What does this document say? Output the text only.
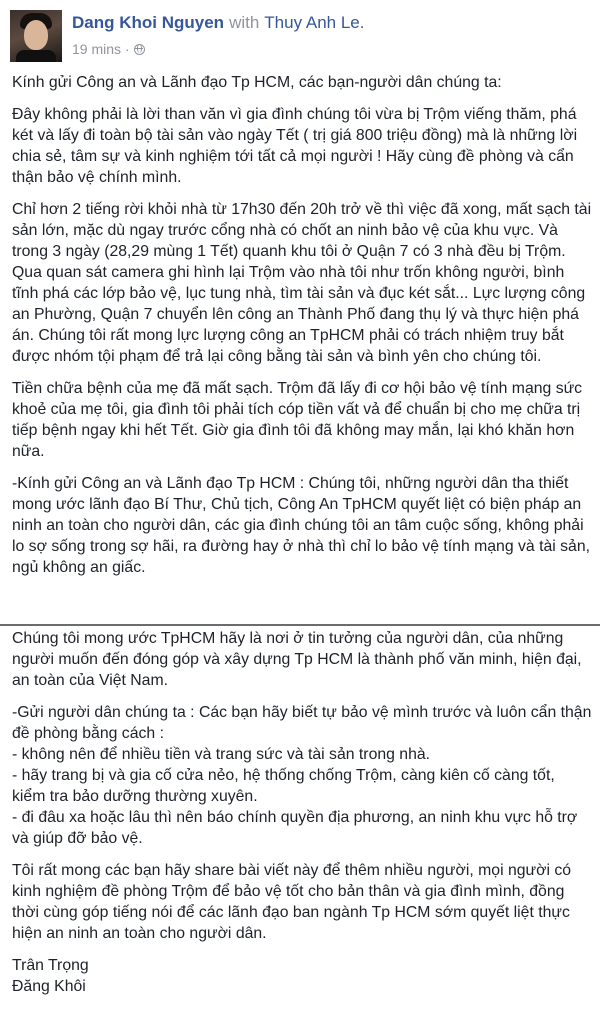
Dang Khoi Nguyen with Thuy Anh Le.
19 mins ·

Kính gửi Công an và Lãnh đạo Tp HCM, các bạn-người dân chúng ta:

Đây không phải là lời than văn vì gia đình chúng tôi vừa bị Trộm viếng thăm, phá két và lấy đi toàn bộ tài sản vào ngày Tết ( trị giá 800 triệu đồng) mà là những lời chia sẻ, tâm sự và kinh nghiệm tới tất cả mọi người ! Hãy cùng đề phòng và cẩn thận bảo vệ chính mình.

Chỉ hơn 2 tiếng rời khỏi nhà từ 17h30 đến 20h trở về thì việc đã xong, mất sạch tài sản lớn, mặc dù ngay trước cổng nhà có chốt an ninh bảo vệ của khu vực. Và trong 3 ngày (28,29 mùng 1 Tết) quanh khu tôi ở Quận 7 có 3 nhà đều bị Trộm. Qua quan sát camera ghi hình lại Trộm vào nhà tôi như trốn không người, bình tĩnh phá các lớp bảo vệ, lục tung nhà, tìm tài sản và đục két sắt... Lực lượng công an Phường, Quận 7 chuyển lên công an Thành Phố đang thụ lý và thực hiện phá án. Chúng tôi rất mong lực lượng công an TpHCM phải có trách nhiệm truy bắt được nhóm tội phạm để trả lại công bằng tài sản và bình yên cho chúng tôi.

Tiền chữa bệnh của mẹ đã mất sạch. Trộm đã lấy đi cơ hội bảo vệ tính mạng sức khoẻ của mẹ tôi, gia đình tôi phải tích cóp tiền vất vả để chuẩn bị cho mẹ chữa trị tiếp bệnh ngay khi hết Tết. Giờ gia đình tôi đã không may mắn, lại khó khăn hơn nữa.

-Kính gửi Công an và Lãnh đạo Tp HCM : Chúng tôi, những người dân tha thiết mong ước lãnh đạo Bí Thư, Chủ tịch, Công An TpHCM quyết liệt có biện pháp an ninh an toàn cho người dân, các gia đình chúng tôi an tâm cuộc sống, không phải lo sợ sống trong sợ hãi, ra đường hay ở nhà thì chỉ lo bảo vệ tính mạng và tài sản, ngủ không an giấc.

Chúng tôi mong ước TpHCM hãy là nơi ở tin tưởng của người dân, của những người muốn đến đóng góp và xây dựng Tp HCM là thành phố văn minh, hiện đại, an toàn của Việt Nam.

-Gửi người dân chúng ta : Các bạn hãy biết tự bảo vệ mình trước và luôn cẩn thận đề phòng bằng cách :
- không nên để nhiều tiền và trang sức và tài sản trong nhà.
- hãy trang bị và gia cố cửa nẻo, hệ thống chống Trộm, càng kiên cố càng tốt, kiểm tra bảo dưỡng thường xuyên.
- đi đâu xa hoặc lâu thì nên báo chính quyền địa phương, an ninh khu vực hỗ trợ và giúp đỡ bảo vệ.

Tôi rất mong các bạn hãy share bài viết này để thêm nhiều người, mọi người có kinh nghiệm đề phòng Trộm để bảo vệ tốt cho bản thân và gia đình mình, đồng thời cùng góp tiếng nói để các lãnh đạo ban ngành Tp HCM sớm quyết liệt thực hiện an ninh an toàn cho người dân.

Trân Trọng
Đăng Khôi
